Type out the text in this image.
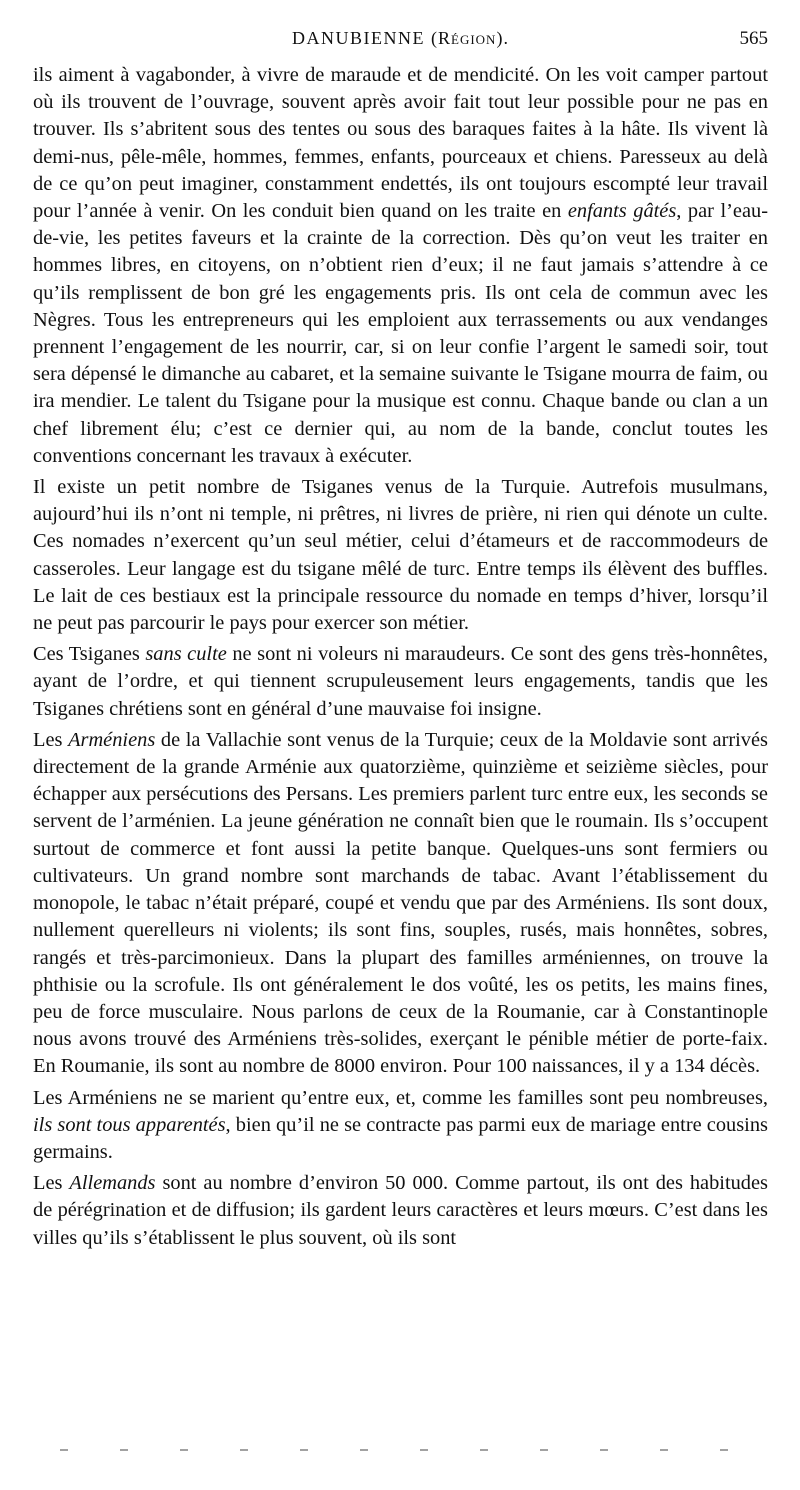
DANUBIENNE (Région).	565

ils aiment à vagabonder, à vivre de maraude et de mendicité. On les voit camper partout où ils trouvent de l’ouvrage, souvent après avoir fait tout leur possible pour ne pas en trouver. Ils s’abritent sous des tentes ou sous des baraques faites à la hâte. Ils vivent là demi-nus, pêle-mêle, hommes, femmes, enfants, pourceaux et chiens. Paresseux au delà de ce qu’on peut imaginer, constamment endettés, ils ont toujours escompté leur travail pour l’année à venir. On les conduit bien quand on les traite en enfants gâtés, par l’eau-de-vie, les petites faveurs et la crainte de la correction. Dès qu’on veut les traiter en hommes libres, en citoyens, on n’obtient rien d’eux; il ne faut jamais s’attendre à ce qu’ils remplissent de bon gré les engagements pris. Ils ont cela de commun avec les Nègres. Tous les entrepreneurs qui les emploient aux terrassements ou aux vendanges prennent l’engagement de les nourrir, car, si on leur confie l’argent le samedi soir, tout sera dépensé le dimanche au cabaret, et la semaine suivante le Tsigane mourra de faim, ou ira mendier. Le talent du Tsigane pour la musique est connu. Chaque bande ou clan a un chef librement élu; c’est ce dernier qui, au nom de la bande, conclut toutes les conventions concernant les travaux à exécuter.

Il existe un petit nombre de Tsiganes venus de la Turquie. Autrefois musulmans, aujourd’hui ils n’ont ni temple, ni prêtres, ni livres de prière, ni rien qui dénote un culte. Ces nomades n’exercent qu’un seul métier, celui d’étameurs et de raccommodeurs de casseroles. Leur langage est du tsigane mêlé de turc. Entre temps ils élèvent des buffles. Le lait de ces bestiaux est la principale ressource du nomade en temps d’hiver, lorsqu’il ne peut pas parcourir le pays pour exercer son métier.

Ces Tsiganes sans culte ne sont ni voleurs ni maraudeurs. Ce sont des gens très-honnêtes, ayant de l’ordre, et qui tiennent scrupuleusement leurs engagements, tandis que les Tsiganes chrétiens sont en général d’une mauvaise foi insigne.

Les Arméniens de la Vallachie sont venus de la Turquie; ceux de la Moldavie sont arrivés directement de la grande Arménie aux quatorzième, quinzième et seizième siècles, pour échapper aux persécutions des Persans. Les premiers parlent turc entre eux, les seconds se servent de l’arménien. La jeune génération ne connaît bien que le roumain. Ils s’occupent surtout de commerce et font aussi la petite banque. Quelques-uns sont fermiers ou cultivateurs. Un grand nombre sont marchands de tabac. Avant l’établissement du monopole, le tabac n’était préparé, coupé et vendu que par des Arméniens. Ils sont doux, nullement querelleurs ni violents; ils sont fins, souples, rusés, mais honnêtes, sobres, rangés et très-parcimonieux. Dans la plupart des familles arméniennes, on trouve la phthisie ou la scrofule. Ils ont généralement le dos voûté, les os petits, les mains fines, peu de force musculaire. Nous parlons de ceux de la Roumanie, car à Constantinople nous avons trouvé des Arméniens très-solides, exerçant le pénible métier de porte-faix. En Roumanie, ils sont au nombre de 8000 environ. Pour 100 naissances, il y a 134 décès.

Les Arméniens ne se marient qu’entre eux, et, comme les familles sont peu nombreuses, ils sont tous apparentés, bien qu’il ne se contracte pas parmi eux de mariage entre cousins germains.

Les Allemands sont au nombre d’environ 50 000. Comme partout, ils ont des habitudes de pérégrination et de diffusion; ils gardent leurs caractères et leurs mœurs. C’est dans les villes qu’ils s’établissent le plus souvent, où ils sont
